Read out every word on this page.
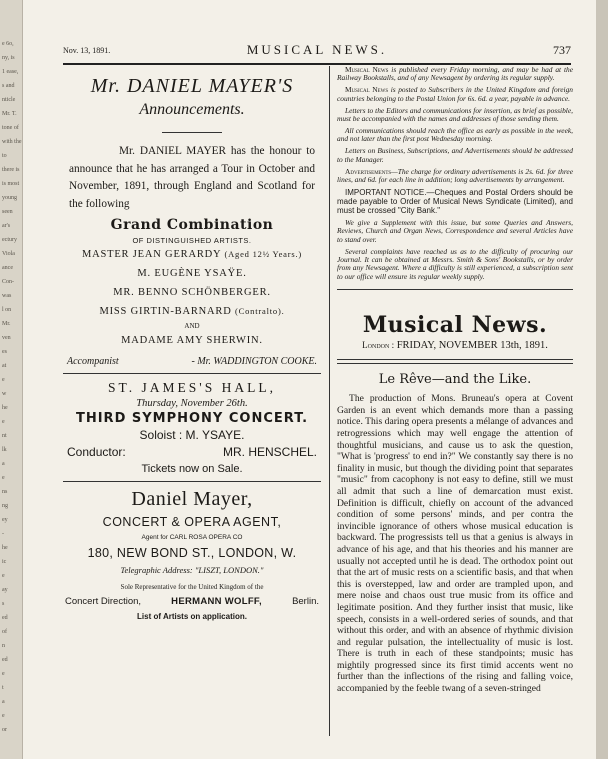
e 6o,
ny, is
1 ease,
s and
nticle
Mr. T.
tone of
with the
to
there is
is most
young
seen
ar's
ectury
Viola
ance
Con-
was
l on
Mr.
ven
es
at
e
w
he
e
nt
lk
a
e
ns
ng
ey
-
he
ic
e
ay
s
ed
of
n
ed
e
t
a
e
or
Nov. 13, 1891.	MUSICAL NEWS.	737
Mr. DANIEL MAYER'S
Announcements.
Mr. DANIEL MAYER has the honour to announce that he has arranged a Tour in October and November, 1891, through England and Scotland for the following
Grand Combination
OF DISTINGUISHED ARTISTS.
MASTER JEAN GERARDY (Aged 12½ Years.)
M. EUGÈNE YSAŸE.
MR. BENNO SCHÖNBERGER.
MISS GIRTIN-BARNARD (Contralto).
AND
MADAME AMY SHERWIN.
Accompanist	- Mr. WADDINGTON COOKE.
ST. JAMES'S HALL,
Thursday, November 26th.
THIRD SYMPHONY CONCERT.
Soloist : M. YSAYE.
Conductor:	MR. HENSCHEL.
Tickets now on Sale.
Daniel Mayer,
CONCERT & OPERA AGENT,
Agent for CARL ROSA OPERA CO
180, NEW BOND ST., LONDON, W.
Telegraphic Address: "LISZT, LONDON."
Sole Representative for the United Kingdom of the
Concert Direction,	HERMANN WOLFF,	Berlin.
List of Artists on application.

Musical News is published every Friday morning, and may be had at the Railway Bookstalls, and of any Newsagent by ordering its regular supply.

Musical News is posted to Subscribers in the United Kingdom and foreign countries belonging to the Postal Union for 6s. 6d. a year, payable in advance.

Letters to the Editors and communications for insertion, as brief as possible, must be accompanied with the names and addresses of those sending them.

All communications should reach the office as early as possible in the week, and not later than the first post Wednesday morning.

Letters on Business, Subscriptions, and Advertisements should be addressed to the Manager.

Advertisements—The charge for ordinary advertisements is 2s. 6d. for three lines, and 6d. for each line in addition; long advertisements by arrangement.

IMPORTANT NOTICE.—Cheques and Postal Orders should be made payable to Order of Musical News Syndicate (Limited), and must be crossed "City Bank."

We give a Supplement with this issue, but some Queries and Answers, Reviews, Church and Organ News, Correspondence and several Articles have to stand over.

Several complaints have reached us as to the difficulty of procuring our Journal. It can be obtained at Messrs. Smith & Sons' Bookstalls, or by order from any Newsagent. Where a difficulty is still experienced, a subscription sent to our office will ensure its regular weekly supply.

Musical News.
London : FRIDAY, NOVEMBER 13th, 1891.
Le Rêve—and the Like.

The production of Mons. Bruneau's opera at Covent Garden is an event which demands more than a passing notice. This daring opera presents a mélange of advances and retrogressions which may well engage the attention of thoughtful musicians, and cause us to ask the question, "What is 'progress' to end in?" We constantly say there is no finality in music, but though the dividing point that separates "music" from cacophony is not easy to define, still we must all admit that such a line of demarcation must exist. Definition is difficult, chiefly on account of the advanced condition of some persons' minds, and per contra the invincible ignorance of others whose musical education is backward. The progressists tell us that a genius is always in advance of his age, and that his theories and his manner are usually not accepted until he is dead. The orthodox point out that the art of music rests on a scientific basis, and that when this is overstepped, law and order are trampled upon, and mere noise and chaos oust true music from its office and legitimate position. And they further insist that music, like speech, consists in a well-ordered series of sounds, and that without this order, and with an absence of rhythmic division and regular pulsation, the intellectuality of music is lost. There is truth in each of these standpoints; music has mightily progressed since its first timid accents went no further than the inflections of the rising and falling voice, accompanied by the feeble twang of a seven-stringed
